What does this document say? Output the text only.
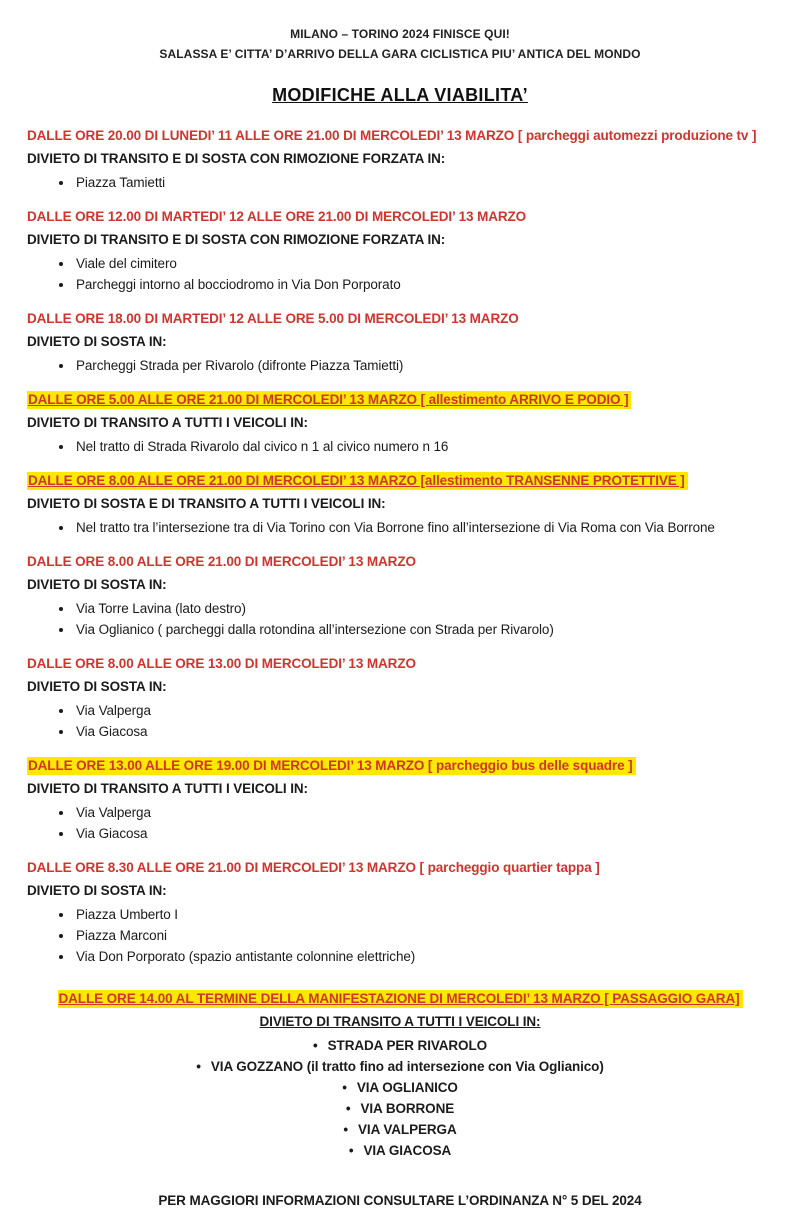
MILANO – TORINO 2024 FINISCE QUI!
SALASSA E’ CITTA’ D’ARRIVO DELLA GARA CICLISTICA PIU’ ANTICA DEL MONDO
MODIFICHE ALLA VIABILITA’
DALLE ORE 20.00 DI LUNEDI’ 11 ALLE ORE 21.00 DI MERCOLEDI’ 13 MARZO [ parcheggi automezzi produzione tv ]
DIVIETO DI TRANSITO E DI SOSTA CON RIMOZIONE FORZATA IN:
• Piazza Tamietti
DALLE ORE 12.00 DI MARTEDI’ 12 ALLE ORE 21.00 DI MERCOLEDI’ 13 MARZO
DIVIETO DI TRANSITO E DI SOSTA CON RIMOZIONE FORZATA IN:
• Viale del cimitero
• Parcheggi intorno al bocciodromo in Via Don Porporato
DALLE ORE 18.00 DI MARTEDI’ 12 ALLE ORE 5.00 DI MERCOLEDI’ 13 MARZO
DIVIETO DI SOSTA IN:
• Parcheggi Strada per Rivarolo (difronte Piazza Tamietti)
DALLE ORE 5.00 ALLE ORE 21.00 DI MERCOLEDI’ 13 MARZO [ allestimento ARRIVO E PODIO ]
DIVIETO DI TRANSITO A TUTTI I VEICOLI IN:
• Nel tratto di Strada Rivarolo dal civico n 1 al civico numero n 16
DALLE ORE 8.00 ALLE ORE 21.00 DI MERCOLEDI’ 13 MARZO [allestimento TRANSENNE PROTETTIVE ]
DIVIETO DI SOSTA E DI TRANSITO A TUTTI I VEICOLI IN:
• Nel tratto tra l’intersezione tra di Via Torino con Via Borrone fino all’intersezione di Via Roma con Via Borrone
DALLE ORE 8.00 ALLE ORE 21.00 DI MERCOLEDI’ 13 MARZO
DIVIETO DI SOSTA IN:
• Via Torre Lavina (lato destro)
• Via Oglianico ( parcheggi dalla rotondina all’intersezione con Strada per Rivarolo)
DALLE ORE 8.00 ALLE ORE 13.00 DI MERCOLEDI’ 13 MARZO
DIVIETO DI SOSTA IN:
• Via Valperga
• Via Giacosa
DALLE ORE 13.00 ALLE ORE 19.00 DI MERCOLEDI’ 13 MARZO [ parcheggio bus delle squadre ]
DIVIETO DI TRANSITO A TUTTI I VEICOLI IN:
• Via Valperga
• Via Giacosa
DALLE ORE 8.30 ALLE ORE 21.00 DI MERCOLEDI’ 13 MARZO [ parcheggio quartier tappa ]
DIVIETO DI SOSTA IN:
• Piazza Umberto I
• Piazza Marconi
• Via Don Porporato (spazio antistante colonnine elettriche)
DALLE ORE 14.00 AL TERMINE DELLA MANIFESTAZIONE DI MERCOLEDI’ 13 MARZO [ PASSAGGIO GARA]
DIVIETO DI TRANSITO A TUTTI I VEICOLI IN:
• STRADA PER RIVAROLO
• VIA GOZZANO (il tratto fino ad intersezione con Via Oglianico)
• VIA OGLIANICO
• VIA BORRONE
• VIA VALPERGA
• VIA GIACOSA
PER MAGGIORI INFORMAZIONI CONSULTARE L’ORDINANZA N° 5 DEL 2024
